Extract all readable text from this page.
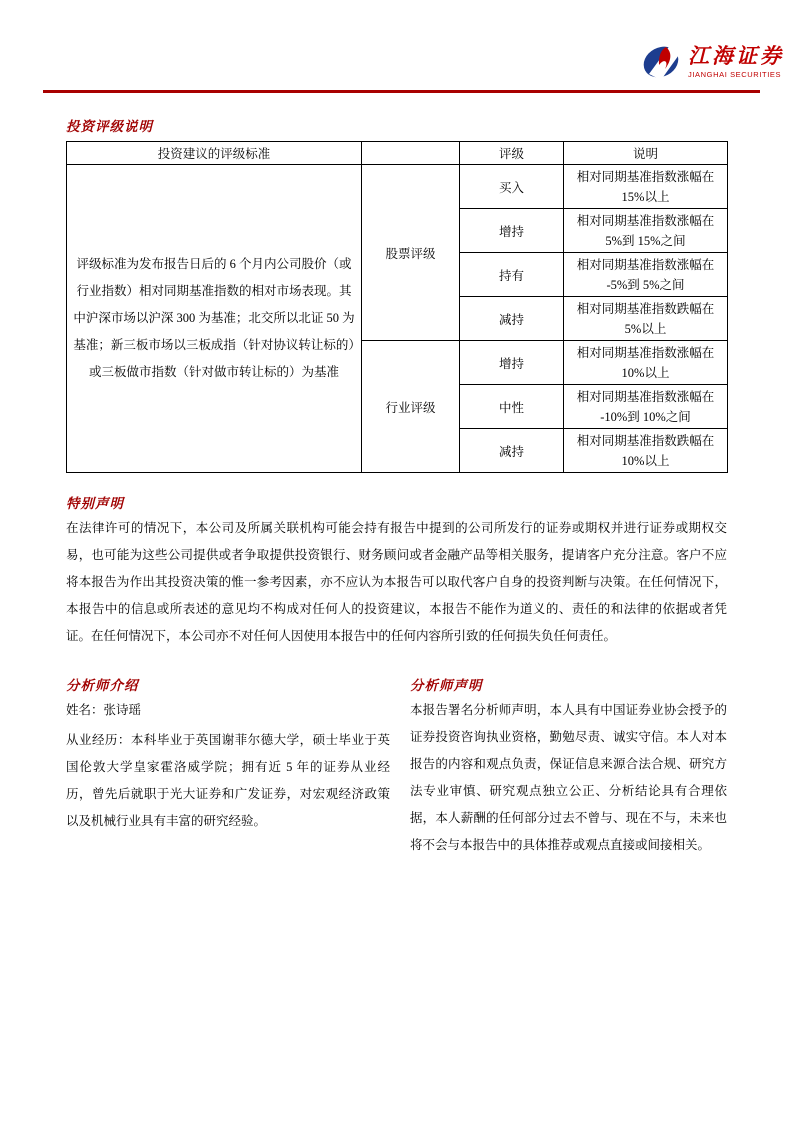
江海证券
JIANGHAI SECURITIES
投资评级说明
投资建议的评级标准		评级	说明
评级标准为发布报告日后的 6 个月内公司股价（或行业指数）相对同期基准指数的相对市场表现。其中沪深市场以沪深 300 为基准；北交所以北证 50 为基准；新三板市场以三板成指（针对协议转让标的）或三板做市指数（针对做市转让标的）为基准	股票评级	买入	相对同期基准指数涨幅在 15%以上
		增持	相对同期基准指数涨幅在 5%到 15%之间
		持有	相对同期基准指数涨幅在 -5%到 5%之间
		减持	相对同期基准指数跌幅在 5%以上
	行业评级	增持	相对同期基准指数涨幅在 10%以上
		中性	相对同期基准指数涨幅在 -10%到 10%之间
		减持	相对同期基准指数跌幅在 10%以上
特别声明

在法律许可的情况下，本公司及所属关联机构可能会持有报告中提到的公司所发行的证券或期权并进行证券或期权交易，也可能为这些公司提供或者争取提供投资银行、财务顾问或者金融产品等相关服务，提请客户充分注意。客户不应将本报告为作出其投资决策的惟一参考因素，亦不应认为本报告可以取代客户自身的投资判断与决策。在任何情况下，本报告中的信息或所表述的意见均不构成对任何人的投资建议，本报告不能作为道义的、责任的和法律的依据或者凭证。在任何情况下，本公司亦不对任何人因使用本报告中的任何内容所引致的任何损失负任何责任。

分析师介绍

姓名：张诗瑶

从业经历：本科毕业于英国谢菲尔德大学，硕士毕业于英国伦敦大学皇家霍洛威学院；拥有近 5 年的证券从业经历，曾先后就职于光大证券和广发证券，对宏观经济政策以及机械行业具有丰富的研究经验。

分析师声明

本报告署名分析师声明，本人具有中国证券业协会授予的证券投资咨询执业资格，勤勉尽责、诚实守信。本人对本报告的内容和观点负责，保证信息来源合法合规、研究方法专业审慎、研究观点独立公正、分析结论具有合理依据，本人薪酬的任何部分过去不曾与、现在不与，未来也将不会与本报告中的具体推荐或观点直接或间接相关。
